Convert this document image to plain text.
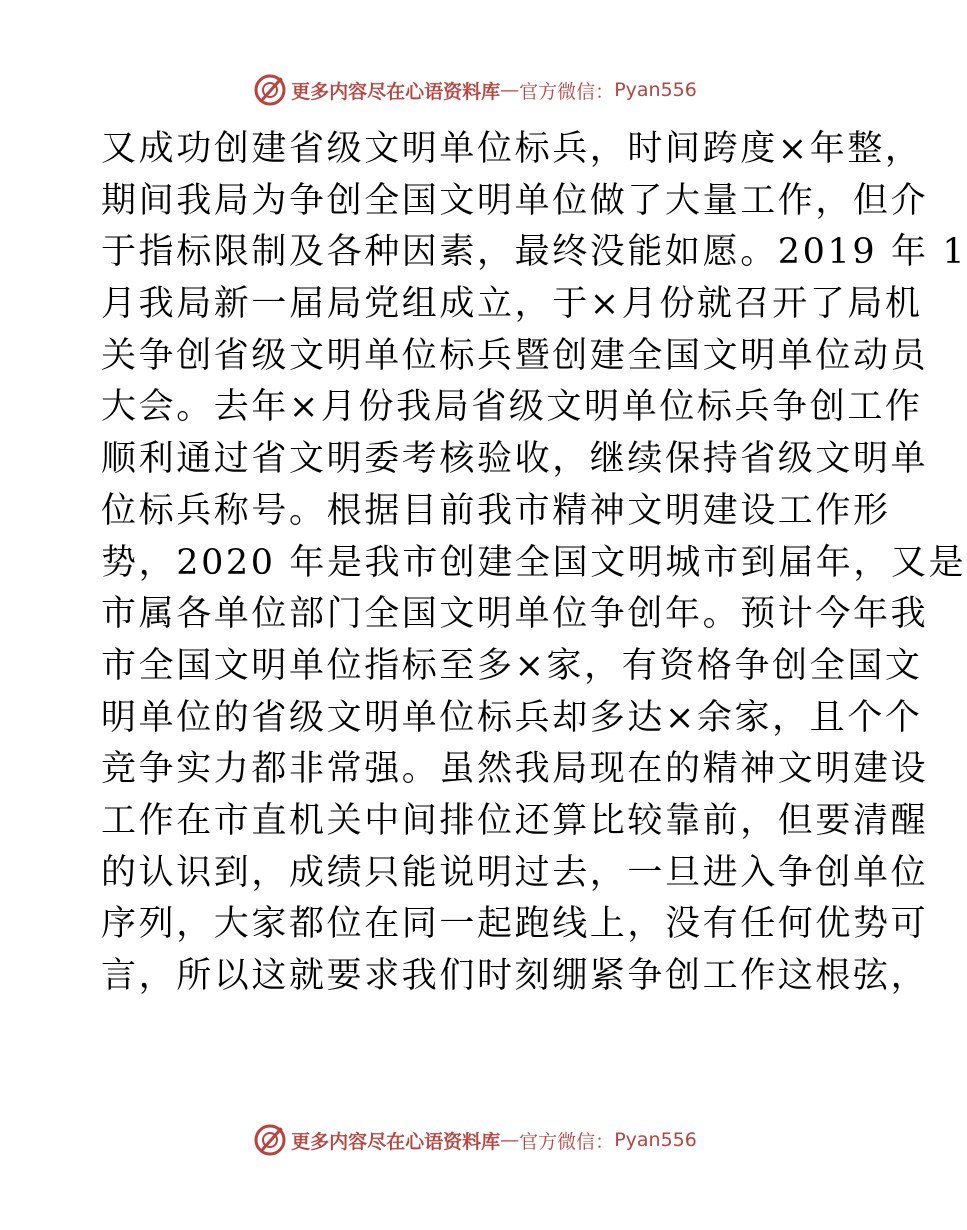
更多内容尽在心语资料库 — 官方微信： Pyan556
又成功创建省级文明单位标兵，时间跨度×年整，
期间我局为争创全国文明单位做了大量工作，但介
于指标限制及各种因素，最终没能如愿。2019 年 1
月我局新一届局党组成立，于×月份就召开了局机
关争创省级文明单位标兵暨创建全国文明单位动员
大会。去年×月份我局省级文明单位标兵争创工作
顺利通过省文明委考核验收，继续保持省级文明单
位标兵称号。根据目前我市精神文明建设工作形
势，2020 年是我市创建全国文明城市到届年，又是
市属各单位部门全国文明单位争创年。预计今年我
市全国文明单位指标至多×家，有资格争创全国文
明单位的省级文明单位标兵却多达×余家，且个个
竞争实力都非常强。虽然我局现在的精神文明建设
工作在市直机关中间排位还算比较靠前，但要清醒
的认识到，成绩只能说明过去，一旦进入争创单位
序列，大家都位在同一起跑线上，没有任何优势可
言，所以这就要求我们时刻绷紧争创工作这根弦，
更多内容尽在心语资料库 — 官方微信： Pyan556
